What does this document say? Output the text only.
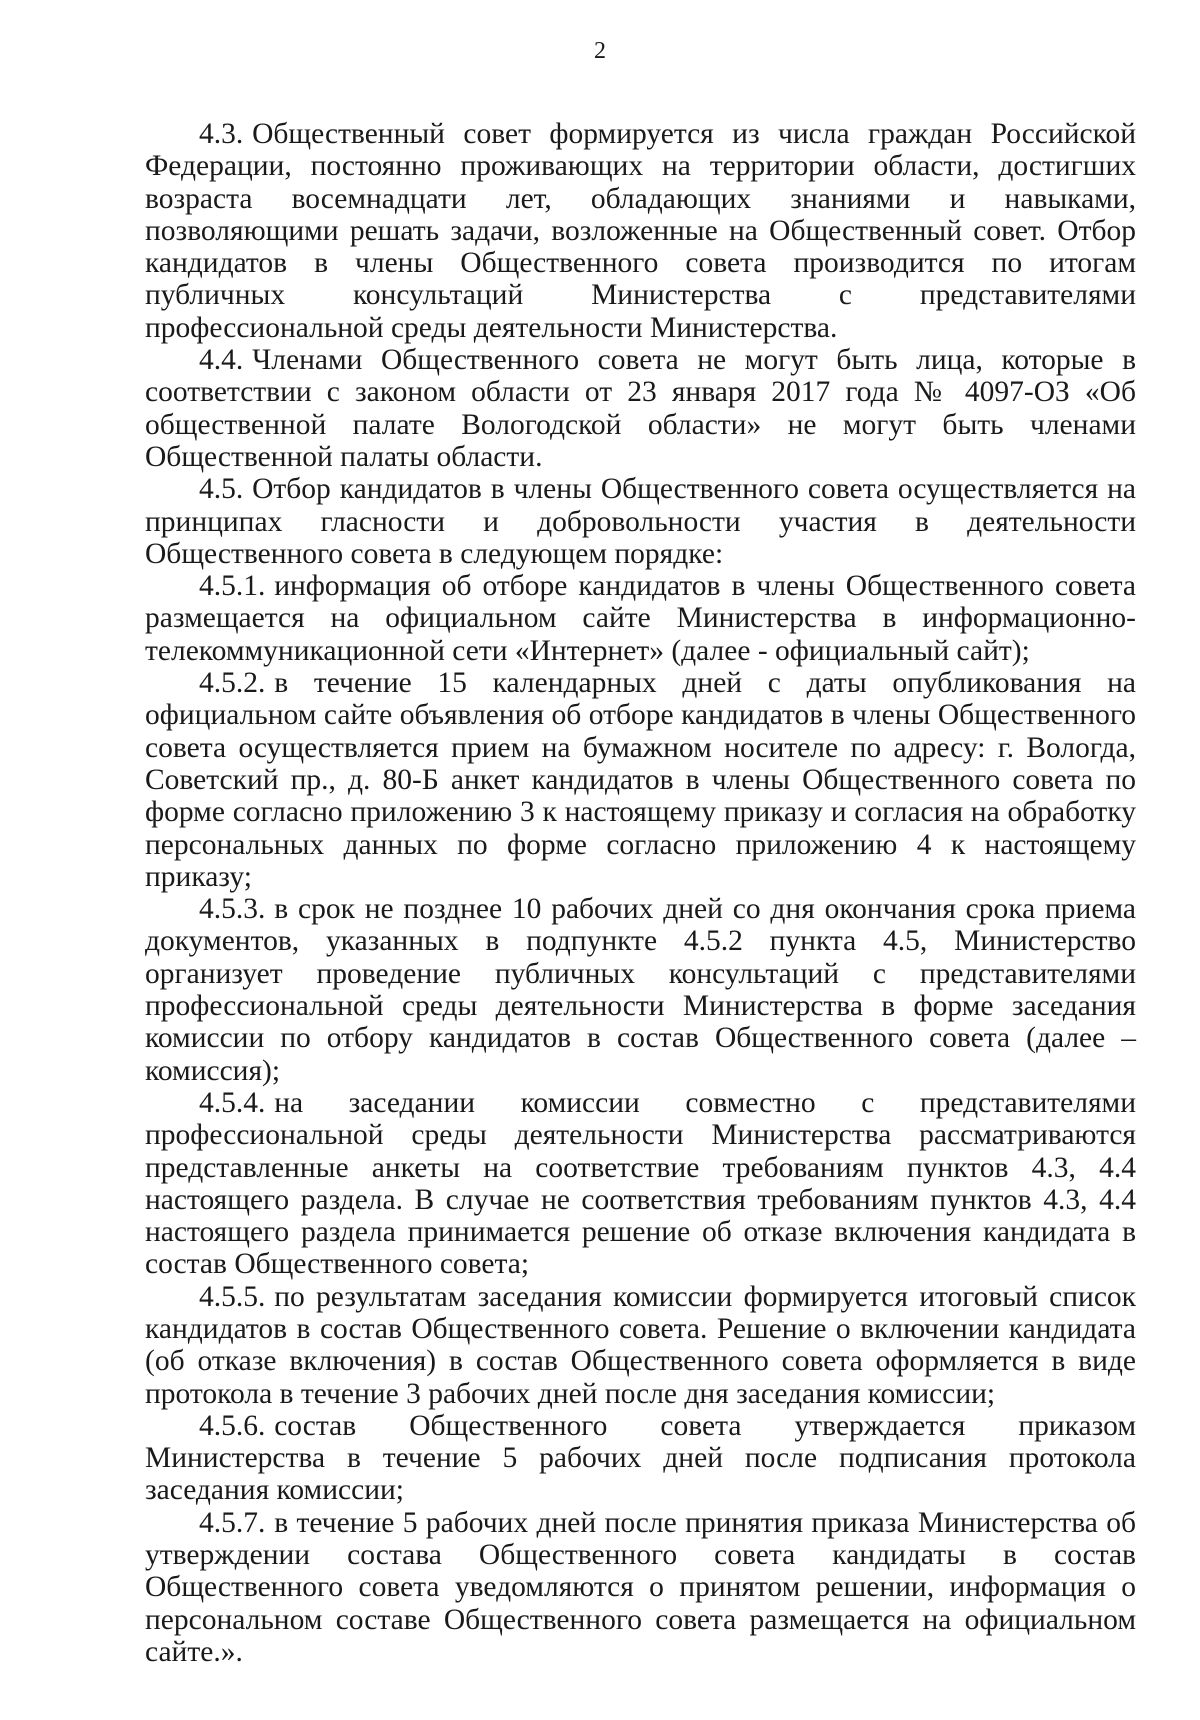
2

4.3. Общественный совет формируется из числа граждан Российской Федерации, постоянно проживающих на территории области, достигших возраста восемнадцати лет, обладающих знаниями и навыками, позволяющими решать задачи, возложенные на Общественный совет. Отбор кандидатов в члены Общественного совета производится по итогам публичных консультаций Министерства с представителями профессиональной среды деятельности Министерства.

4.4. Членами Общественного совета не могут быть лица, которые в соответствии с законом области от 23 января 2017 года № 4097-ОЗ «Об общественной палате Вологодской области» не могут быть членами Общественной палаты области.

4.5. Отбор кандидатов в члены Общественного совета осуществляется на принципах гласности и добровольности участия в деятельности Общественного совета в следующем порядке:

4.5.1. информация об отборе кандидатов в члены Общественного совета размещается на официальном сайте Министерства в информационно-телекоммуникационной сети «Интернет» (далее - официальный сайт);

4.5.2. в течение 15 календарных дней с даты опубликования на официальном сайте объявления об отборе кандидатов в члены Общественного совета осуществляется прием на бумажном носителе по адресу: г. Вологда, Советский пр., д. 80-Б анкет кандидатов в члены Общественного совета по форме согласно приложению 3 к настоящему приказу и согласия на обработку персональных данных по форме согласно приложению 4 к настоящему приказу;

4.5.3. в срок не позднее 10 рабочих дней со дня окончания срока приема документов, указанных в подпункте 4.5.2 пункта 4.5, Министерство организует проведение публичных консультаций с представителями профессиональной среды деятельности Министерства в форме заседания комиссии по отбору кандидатов в состав Общественного совета (далее – комиссия);

4.5.4. на заседании комиссии совместно с представителями профессиональной среды деятельности Министерства рассматриваются представленные анкеты на соответствие требованиям пунктов 4.3, 4.4 настоящего раздела. В случае не соответствия требованиям пунктов 4.3, 4.4 настоящего раздела принимается решение об отказе включения кандидата в состав Общественного совета;

4.5.5. по результатам заседания комиссии формируется итоговый список кандидатов в состав Общественного совета. Решение о включении кандидата (об отказе включения) в состав Общественного совета оформляется в виде протокола в течение 3 рабочих дней после дня заседания комиссии;

4.5.6. состав Общественного совета утверждается приказом Министерства в течение 5 рабочих дней после подписания протокола заседания комиссии;

4.5.7. в течение 5 рабочих дней после принятия приказа Министерства об утверждении состава Общественного совета кандидаты в состав Общественного совета уведомляются о принятом решении, информация о персональном составе Общественного совета размещается на официальном сайте.».
